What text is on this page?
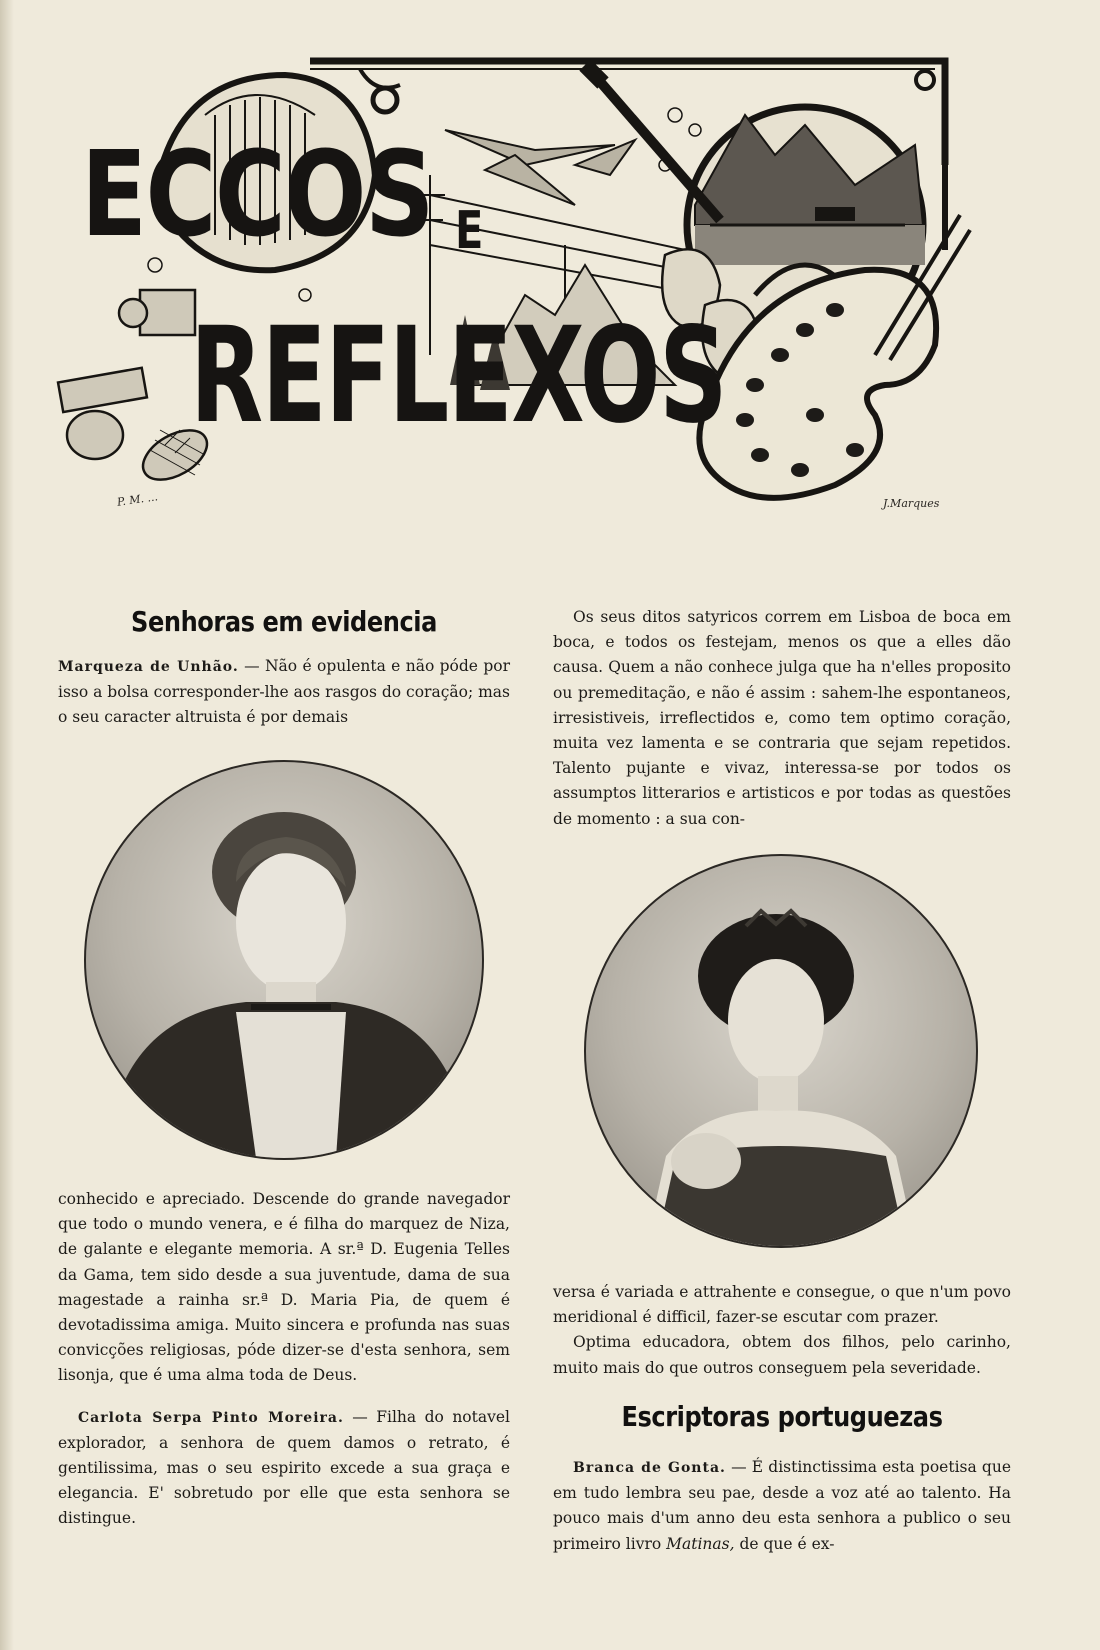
ECCOS E
REFLEXOS
P. M. ...	J.Marques
Senhoras em evidencia

Marqueza de Unhão. — Não é opulenta e não póde por isso a bolsa corresponder-lhe aos rasgos do coração; mas o seu caracter altruista é por demais

conhecido e apreciado. Descende do grande navegador que todo o mundo venera, e é filha do marquez de Niza, de galante e elegante memoria. A sr.ª D. Eugenia Telles da Gama, tem sido desde a sua juventude, dama de sua magestade a rainha sr.ª D. Maria Pia, de quem é devotadissima amiga. Muito sincera e profunda nas suas convicções religiosas, póde dizer-se d'esta senhora, sem lisonja, que é uma alma toda de Deus.

Carlota Serpa Pinto Moreira. — Filha do notavel explorador, a senhora de quem damos o retrato, é gentilissima, mas o seu espirito excede a sua graça e elegancia. E' sobretudo por elle que esta senhora se distingue.

Os seus ditos satyricos correm em Lisboa de boca em boca, e todos os festejam, menos os que a elles dão causa. Quem a não conhece julga que ha n'elles proposito ou premeditação, e não é assim : sahem-lhe espontaneos, irresistiveis, irreflectidos e, como tem optimo coração, muita vez lamenta e se contraria que sejam repetidos. Talento pujante e vivaz, interessa-se por todos os assumptos litterarios e artisticos e por todas as questões de momento : a sua con-

versa é variada e attrahente e consegue, o que n'um povo meridional é difficil, fazer-se escutar com prazer.

Optima educadora, obtem dos filhos, pelo carinho, muito mais do que outros conseguem pela severidade.

Escriptoras portuguezas

Branca de Gonta. — É distinctissima esta poetisa que em tudo lembra seu pae, desde a voz até ao talento. Ha pouco mais d'um anno deu esta senhora a publico o seu primeiro livro Matinas, de que é ex-
